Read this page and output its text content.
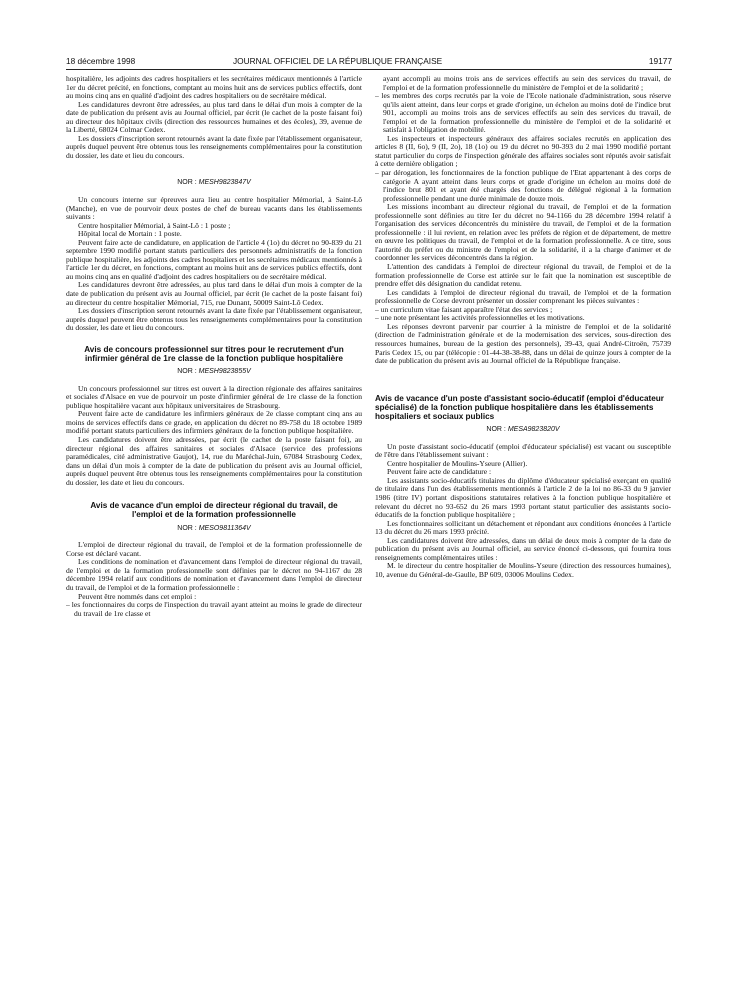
18 décembre 1998	JOURNAL OFFICIEL DE LA RÉPUBLIQUE FRANÇAISE	19177

hospitalière, les adjoints des cadres hospitaliers et les secrétaires médicaux mentionnés à l'article 1er du décret précité, en fonctions, comptant au moins huit ans de services publics effectifs, dont au moins cinq ans en qualité d'adjoint des cadres hospitaliers ou de secrétaire médical.

Les candidatures devront être adressées, au plus tard dans le délai d'un mois à compter de la date de publication du présent avis au Journal officiel, par écrit (le cachet de la poste faisant foi) au directeur des hôpitaux civils (direction des ressources humaines et des écoles), 39, avenue de la Liberté, 68024 Colmar Cedex.

Les dossiers d'inscription seront retournés avant la date fixée par l'établissement organisateur, auprès duquel peuvent être obtenus tous les renseignements complémentaires pour la constitution du dossier, les date et lieu du concours.

NOR : MESH9823847V

Un concours interne sur épreuves aura lieu au centre hospitalier Mémorial, à Saint-Lô (Manche), en vue de pourvoir deux postes de chef de bureau vacants dans les établissements suivants :

Centre hospitalier Mémorial, à Saint-Lô : 1 poste ;

Hôpital local de Mortain : 1 poste.

Peuvent faire acte de candidature, en application de l'article 4 (1o) du décret no 90-839 du 21 septembre 1990 modifié portant statuts particuliers des personnels administratifs de la fonction publique hospitalière, les adjoints des cadres hospitaliers et les secrétaires médicaux mentionnés à l'article 1er du décret, en fonctions, comptant au moins huit ans de services publics effectifs, dont au moins cinq ans en qualité d'adjoint des cadres hospitaliers ou de secrétaire médical.

Les candidatures devront être adressées, au plus tard dans le délai d'un mois à compter de la date de publication du présent avis au Journal officiel, par écrit (le cachet de la poste faisant foi) au directeur du centre hospitalier Mémorial, 715, rue Dunant, 50009 Saint-Lô Cedex.

Les dossiers d'inscription seront retournés avant la date fixée par l'établissement organisateur, auprès duquel peuvent être obtenus tous les renseignements complémentaires pour la constitution du dossier, les date et lieu du concours.

Avis de concours professionnel sur titres pour le recrutement d'un infirmier général de 1re classe de la fonction publique hospitalière
NOR : MESH9823855V

Un concours professionnel sur titres est ouvert à la direction régionale des affaires sanitaires et sociales d'Alsace en vue de pourvoir un poste d'infirmier général de 1re classe de la fonction publique hospitalière vacant aux hôpitaux universitaires de Strasbourg.

Peuvent faire acte de candidature les infirmiers généraux de 2e classe comptant cinq ans au moins de services effectifs dans ce grade, en application du décret no 89-758 du 18 octobre 1989 modifié portant statuts particuliers des infirmiers généraux de la fonction publique hospitalière.

Les candidatures doivent être adressées, par écrit (le cachet de la poste faisant foi), au directeur régional des affaires sanitaires et sociales d'Alsace (service des professions paramédicales, cité administrative Gaujot), 14, rue du Maréchal-Juin, 67084 Strasbourg Cedex, dans un délai d'un mois à compter de la date de publication du présent avis au Journal officiel, auprès duquel peuvent être obtenus tous les renseignements complémentaires pour la constitution du dossier, les date et lieu du concours.

Avis de vacance d'un emploi de directeur régional du travail, de l'emploi et de la formation professionnelle
NOR : MESO9811364V

L'emploi de directeur régional du travail, de l'emploi et de la formation professionnelle de Corse est déclaré vacant.

Les conditions de nomination et d'avancement dans l'emploi de directeur régional du travail, de l'emploi et de la formation professionnelle sont définies par le décret no 94-1167 du 28 décembre 1994 relatif aux conditions de nomination et d'avancement dans l'emploi de directeur du travail, de l'emploi et de la formation professionnelle :

Peuvent être nommés dans cet emploi :

– les fonctionnaires du corps de l'inspection du travail ayant atteint au moins le grade de directeur du travail de 1re classe et

ayant accompli au moins trois ans de services effectifs au sein des services du travail, de l'emploi et de la formation professionnelle du ministère de l'emploi et de la solidarité ;

– les membres des corps recrutés par la voie de l'Ecole nationale d'administration, sous réserve qu'ils aient atteint, dans leur corps et grade d'origine, un échelon au moins doté de l'indice brut 901, accompli au moins trois ans de services effectifs au sein des services du travail, de l'emploi et de la formation professionnelle du ministère de l'emploi et de la solidarité et satisfait à l'obligation de mobilité.

Les inspecteurs et inspecteurs généraux des affaires sociales recrutés en application des articles 8 (II, 6o), 9 (II, 2o), 18 (1o) ou 19 du décret no 90-393 du 2 mai 1990 modifié portant statut particulier du corps de l'inspection générale des affaires sociales sont réputés avoir satisfait à cette dernière obligation ;

– par dérogation, les fonctionnaires de la fonction publique de l'Etat appartenant à des corps de catégorie A ayant atteint dans leurs corps et grade d'origine un échelon au moins doté de l'indice brut 801 et ayant été chargés des fonctions de délégué régional à la formation professionnelle pendant une durée minimale de douze mois.

Les missions incombant au directeur régional du travail, de l'emploi et de la formation professionnelle sont définies au titre Ier du décret no 94-1166 du 28 décembre 1994 relatif à l'organisation des services déconcentrés du ministère du travail, de l'emploi et de la formation professionnelle : il lui revient, en relation avec les préfets de région et de département, de mettre en œuvre les politiques du travail, de l'emploi et de la formation professionnelle. A ce titre, sous l'autorité du préfet ou du ministre de l'emploi et de la solidarité, il a la charge d'animer et de coordonner les services déconcentrés dans la région.

L'attention des candidats à l'emploi de directeur régional du travail, de l'emploi et de la formation professionnelle de Corse est attirée sur le fait que la nomination est susceptible de prendre effet dès désignation du candidat retenu.

Les candidats à l'emploi de directeur régional du travail, de l'emploi et de la formation professionnelle de Corse devront présenter un dossier comprenant les pièces suivantes :

– un curriculum vitae faisant apparaître l'état des services ;

– une note présentant les activités professionnelles et les motivations.

Les réponses devront parvenir par courrier à la ministre de l'emploi et de la solidarité (direction de l'administration générale et de la modernisation des services, sous-direction des ressources humaines, bureau de la gestion des personnels), 39-43, quai André-Citroën, 75739 Paris Cedex 15, ou par (télécopie : 01-44-38-38-88, dans un délai de quinze jours à compter de la date de publication du présent avis au Journal officiel de la République française.

Avis de vacance d'un poste d'assistant socio-éducatif (emploi d'éducateur spécialisé) de la fonction publique hospitalière dans les établissements hospitaliers et sociaux publics
NOR : MESA9823820V

Un poste d'assistant socio-éducatif (emploi d'éducateur spécialisé) est vacant ou susceptible de l'être dans l'établissement suivant :

Centre hospitalier de Moulins-Yseure (Allier).

Peuvent faire acte de candidature :

Les assistants socio-éducatifs titulaires du diplôme d'éducateur spécialisé exerçant en qualité de titulaire dans l'un des établissements mentionnés à l'article 2 de la loi no 86-33 du 9 janvier 1986 (titre IV) portant dispositions statutaires relatives à la fonction publique hospitalière et relevant du décret no 93-652 du 26 mars 1993 portant statut particulier des assistants socio-éducatifs de la fonction publique hospitalière ;

Les fonctionnaires sollicitant un détachement et répondant aux conditions énoncées à l'article 13 du décret du 26 mars 1993 précité.

Les candidatures doivent être adressées, dans un délai de deux mois à compter de la date de publication du présent avis au Journal officiel, au service énoncé ci-dessous, qui fournira tous renseignements complémentaires utiles :

M. le directeur du centre hospitalier de Moulins-Yseure (direction des ressources humaines), 10, avenue du Général-de-Gaulle, BP 609, 03006 Moulins Cedex.
